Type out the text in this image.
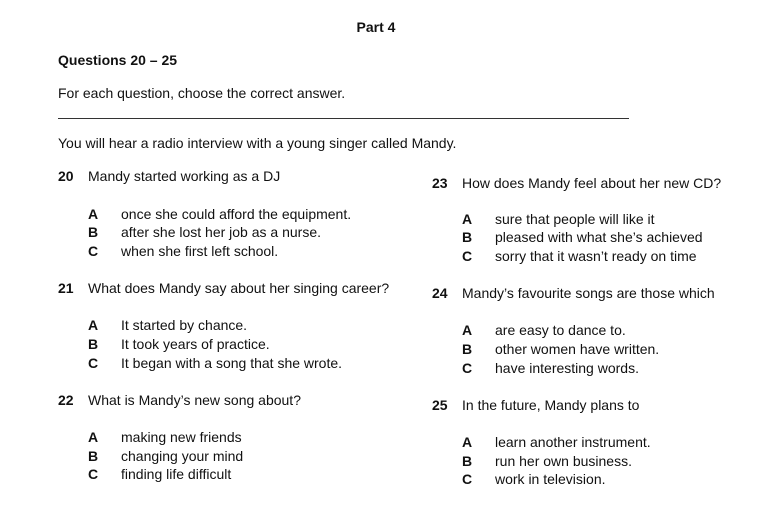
Part 4
Questions 20 – 25
For each question, choose the correct answer.
You will hear a radio interview with a young singer called Mandy.
20 Mandy started working as a DJ
A once she could afford the equipment.
B after she lost her job as a nurse.
C when she first left school.
21 What does Mandy say about her singing career?
A It started by chance.
B It took years of practice.
C It began with a song that she wrote.
22 What is Mandy’s new song about?
A making new friends
B changing your mind
C finding life difficult
23 How does Mandy feel about her new CD?
A sure that people will like it
B pleased with what she’s achieved
C sorry that it wasn’t ready on time
24 Mandy’s favourite songs are those which
A are easy to dance to.
B other women have written.
C have interesting words.
25 In the future, Mandy plans to
A learn another instrument.
B run her own business.
C work in television.
